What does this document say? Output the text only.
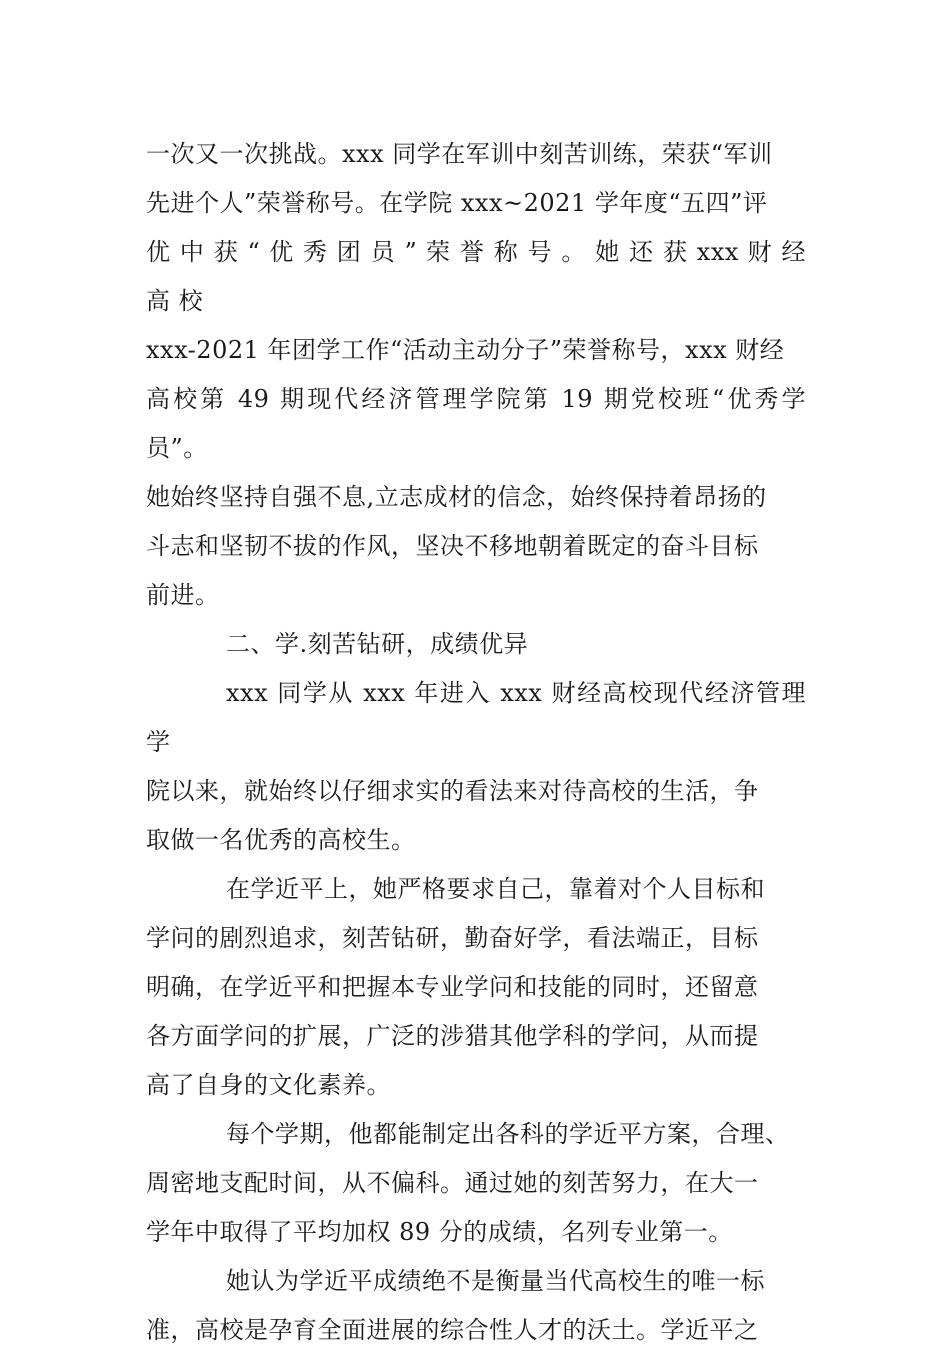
一次又一次挑战。xxx 同学在军训中刻苦训练，荣获“军训
先进个人”荣誉称号。在学院 xxx~2021 学年度“五四”评
优 中 获 “ 优 秀 团 员 ” 荣 誉 称 号 。 她 还 获 xxx 财 经 高 校
xxx-2021 年团学工作“活动主动分子”荣誉称号，xxx 财经
高校第 49 期现代经济管理学院第 19 期党校班“优秀学员”。
她始终坚持自强不息,立志成材的信念，始终保持着昂扬的
斗志和坚韧不拔的作风，坚决不移地朝着既定的奋斗目标
前进。

二、学.刻苦钻研，成绩优异

xxx 同学从 xxx 年进入 xxx 财经高校现代经济管理学
院以来，就始终以仔细求实的看法来对待高校的生活，争
取做一名优秀的高校生。

在学近平上，她严格要求自己，靠着对个人目标和
学问的剧烈追求，刻苦钻研，勤奋好学，看法端正，目标
明确，在学近平和把握本专业学问和技能的同时，还留意
各方面学问的扩展，广泛的涉猎其他学科的学问，从而提
高了自身的文化素养。

每个学期，他都能制定出各科的学近平方案，合理、
周密地支配时间，从不偏科。通过她的刻苦努力，在大一
学年中取得了平均加权 89 分的成绩，名列专业第一。

她认为学近平成绩绝不是衡量当代高校生的唯一标
准，高校是孕育全面进展的综合性人才的沃土。学近平之
